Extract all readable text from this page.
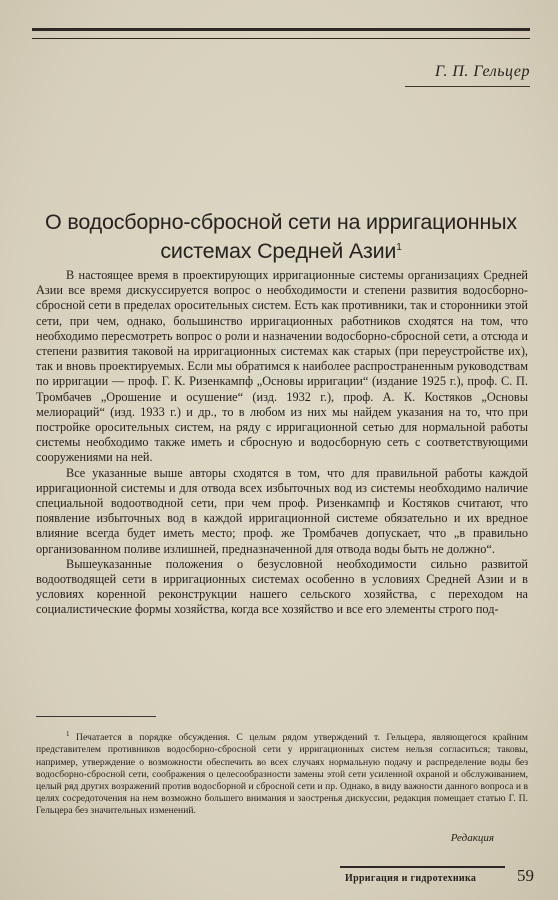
Г. П. Гельцер
О водосборно-сбросной сети на ирригационных
системах Средней Азии$^1$

В настоящее время в проектирующих ирригационные системы организациях Средней Азии все время дискуссируется вопрос о необходимости и степени развития водосборно-сбросной сети в пределах оросительных систем. Есть как противники, так и сторонники этой сети, при чем, однако, большинство ирригационных работников сходятся на том, что необходимо пересмотреть вопрос о роли и назначении водосборно-сбросной сети, а отсюда и степени развития таковой на ирригационных системах как старых (при переустройстве их), так и вновь проектируемых. Если мы обратимся к наиболее распространенным руководствам по ирригации — проф. Г. К. Ризенкампф „Основы ирригации“ (издание 1925 г.), проф. С. П. Тромбачев „Орошение и осушение“ (изд. 1932 г.), проф. А. К. Костяков „Основы мелиораций“ (изд. 1933 г.) и др., то в любом из них мы найдем указания на то, что при постройке оросительных систем, на ряду с ирригационной сетью для нормальной работы системы необходимо также иметь и сбросную и водосборную сеть с соответствующими сооружениями на ней.

Все указанные выше авторы сходятся в том, что для правильной работы каждой ирригационной системы и для отвода всех избыточных вод из системы необходимо наличие специальной водоотводной сети, при чем проф. Ризенкампф и Костяков считают, что появление избыточных вод в каждой ирригационной системе обязательно и их вредное влияние всегда будет иметь место; проф. же Тромбачев допускает, что „в правильно организованном поливе излишней, предназначенной для отвода воды быть не должно“.

Вышеуказанные положения о безусловной необходимости сильно развитой водоотводящей сети в ирригационных системах особенно в условиях Средней Азии и в условиях коренной реконструкции нашего сельского хозяйства, с переходом на социалистические формы хозяйства, когда все хозяйство и все его элементы строго под-

$^1$ Печатается в порядке обсуждения. С целым рядом утверждений т. Гельцера, являющегося крайним представителем противников водосборно-сбросной сети у ирригационных систем нельзя согласиться; таковы, например, утверждение о возможности обеспечить во всех случаях нормальную подачу и распределение воды без водосборно-сбросной сети, соображения о целесообразности замены этой сети усиленной охраной и обслуживанием, целый ряд других возражений против водосборной и сбросной сети и пр. Однако, в виду важности данного вопроса и в целях сосредоточения на нем возможно большего внимания и заостренья дискуссии, редакция помещает статью Г. П. Гельцера без значительных изменений.

Редакция
Ирригация и гидротехника 59
